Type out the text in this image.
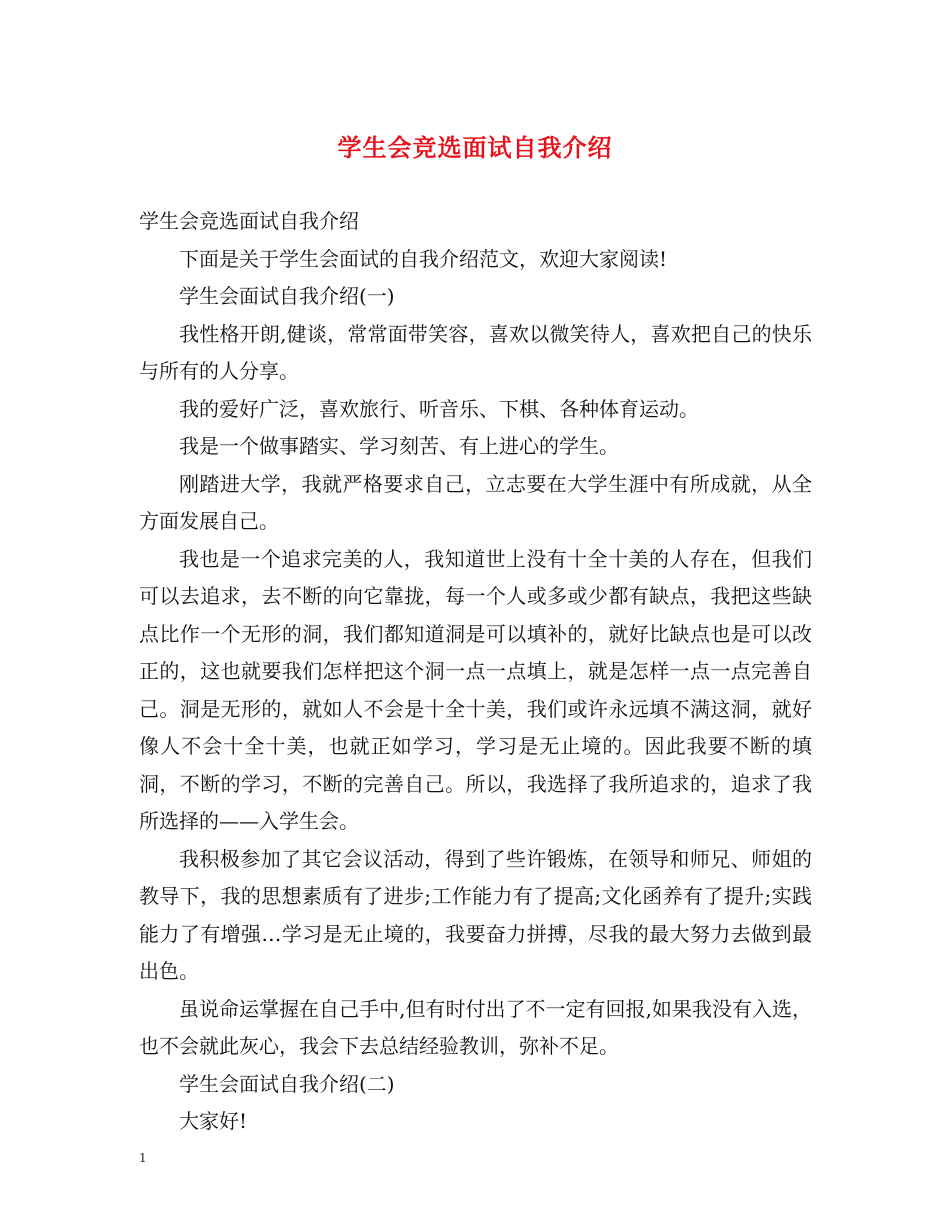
学生会竞选面试自我介绍

学生会竞选面试自我介绍

下面是关于学生会面试的自我介绍范文，欢迎大家阅读!

学生会面试自我介绍(一)

我性格开朗,健谈，常常面带笑容，喜欢以微笑待人，喜欢把自己的快乐与所有的人分享。

我的爱好广泛，喜欢旅行、听音乐、下棋、各种体育运动。

我是一个做事踏实、学习刻苦、有上进心的学生。

刚踏进大学，我就严格要求自己，立志要在大学生涯中有所成就，从全方面发展自己。

我也是一个追求完美的人，我知道世上没有十全十美的人存在，但我们可以去追求，去不断的向它靠拢，每一个人或多或少都有缺点，我把这些缺点比作一个无形的洞，我们都知道洞是可以填补的，就好比缺点也是可以改正的，这也就要我们怎样把这个洞一点一点填上，就是怎样一点一点完善自己。洞是无形的，就如人不会是十全十美，我们或许永远填不满这洞，就好像人不会十全十美，也就正如学习，学习是无止境的。因此我要不断的填洞，不断的学习，不断的完善自己。所以，我选择了我所追求的，追求了我所选择的——入学生会。

我积极参加了其它会议活动，得到了些许锻炼，在领导和师兄、师姐的教导下，我的思想素质有了进步;工作能力有了提高;文化函养有了提升;实践能力了有增强…学习是无止境的，我要奋力拼搏，尽我的最大努力去做到最出色。

虽说命运掌握在自己手中,但有时付出了不一定有回报,如果我没有入选，也不会就此灰心，我会下去总结经验教训，弥补不足。

学生会面试自我介绍(二)

大家好!

1
